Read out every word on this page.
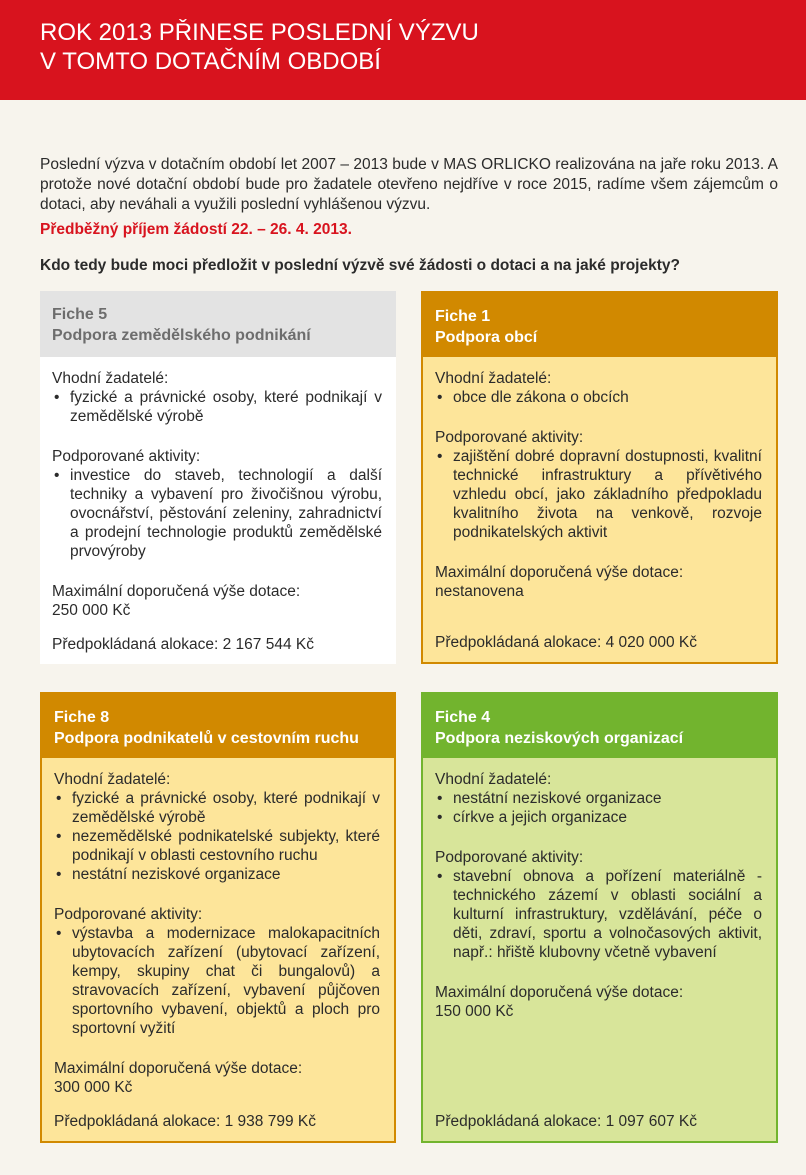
ROK 2013 PŘINESE POSLEDNÍ VÝZVU
V TOMTO DOTAČNÍM OBDOBÍ

Poslední výzva v dotačním období let 2007 – 2013 bude v MAS ORLICKO realizována na jaře roku 2013. A protože nové dotační období bude pro žadatele otevřeno nejdříve v roce 2015, radíme všem zájemcům o dotaci, aby neváhali a využili poslední vyhlášenou výzvu.

Předběžný příjem žádostí 22. – 26. 4. 2013.
Kdo tedy bude moci předložit v poslední výzvě své žádosti o dotaci a na jaké projekty?
Fiche 5
Podpora zemědělského podnikání
Vhodní žadatelé:
• fyzické a právnické osoby, které podnikají v zemědělské výrobě
Podporované aktivity:
• investice do staveb, technologií a další techniky a vybavení pro živočišnou výrobu, ovocnářství, pěstování zeleniny, zahradnictví a prodejní technologie produktů zemědělské prvovýroby
Maximální doporučená výše dotace:
250 000 Kč
Předpokládaná alokace: 2 167 544 Kč
Fiche 1
Podpora obcí
Vhodní žadatelé:
• obce dle zákona o obcích
Podporované aktivity:
• zajištění dobré dopravní dostupnosti, kvalitní technické infrastruktury a přívětivého vzhledu obcí, jako základního předpokladu kvalitního života na venkově, rozvoje podnikatelských aktivit
Maximální doporučená výše dotace:
nestanovena
Předpokládaná alokace: 4 020 000 Kč
Fiche 8
Podpora podnikatelů v cestovním ruchu
Vhodní žadatelé:
• fyzické a právnické osoby, které podnikají v zemědělské výrobě
• nezemědělské podnikatelské subjekty, které podnikají v oblasti cestovního ruchu
• nestátní neziskové organizace
Podporované aktivity:
• výstavba a modernizace malokapacitních ubytovacích zařízení (ubytovací zařízení, kempy, skupiny chat či bungalovů) a stravovacích zařízení, vybavení půjčoven sportovního vybavení, objektů a ploch pro sportovní vyžití
Maximální doporučená výše dotace:
300 000 Kč
Předpokládaná alokace: 1 938 799 Kč
Fiche 4
Podpora neziskových organizací
Vhodní žadatelé:
• nestátní neziskové organizace
• církve a jejich organizace
Podporované aktivity:
• stavební obnova a pořízení materiálně - technického zázemí v oblasti sociální a kulturní infrastruktury, vzdělávání, péče o děti, zdraví, sportu a volnočasových aktivit, např.: hřiště klubovny včetně vybavení
Maximální doporučená výše dotace:
150 000 Kč
Předpokládaná alokace: 1 097 607 Kč
